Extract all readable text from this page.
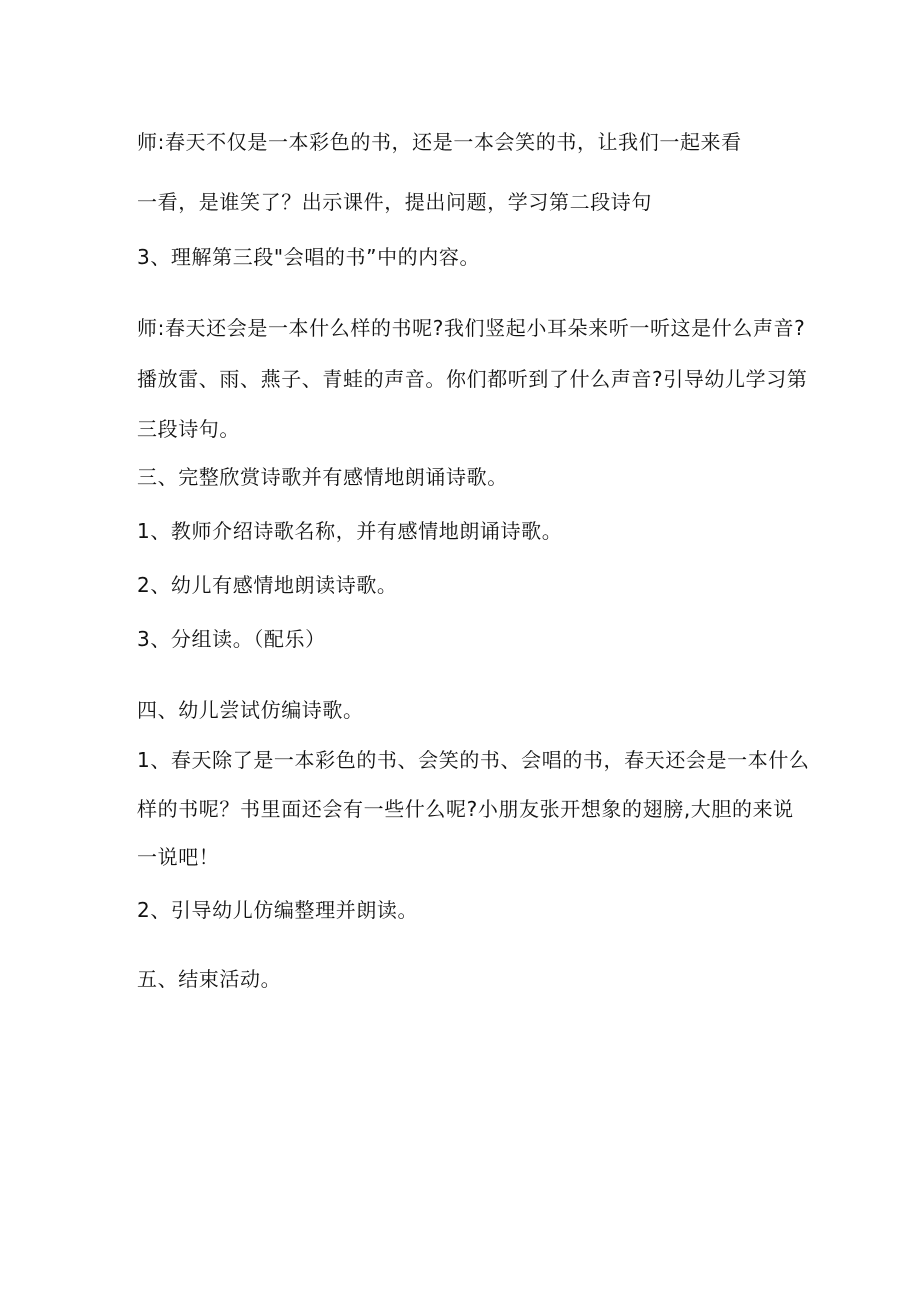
师:春天不仅是一本彩色的书，还是一本会笑的书，让我们一起来看

一看，是谁笑了？出示课件，提出问题，学习第二段诗句

3、理解第三段"会唱的书”中的内容。

师:春天还会是一本什么样的书呢?我们竖起小耳朵来听一听这是什么声音?

播放雷、雨、燕子、青蛙的声音。你们都听到了什么声音?引导幼儿学习第

三段诗句。

三、完整欣赏诗歌并有感情地朗诵诗歌。

1、教师介绍诗歌名称，并有感情地朗诵诗歌。

2、幼儿有感情地朗读诗歌。

3、分组读。（配乐）

四、幼儿尝试仿编诗歌。

1、春天除了是一本彩色的书、会笑的书、会唱的书，春天还会是一本什么

样的书呢？书里面还会有一些什么呢?小朋友张开想象的翅膀,大胆的来说

一说吧！

2、引导幼儿仿编整理并朗读。

五、结束活动。
